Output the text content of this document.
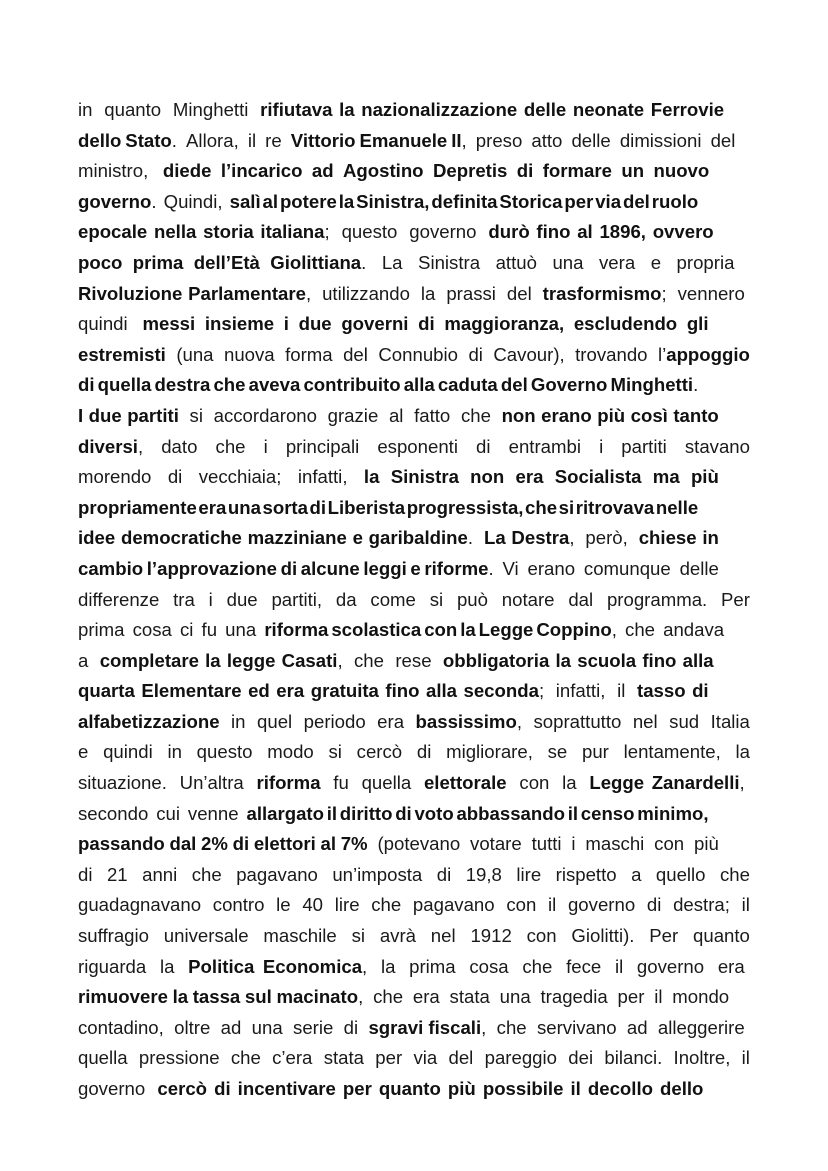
in quanto Minghetti rifiutava la nazionalizzazione delle neonate Ferrovie
dello Stato. Allora, il re Vittorio Emanuele II, preso atto delle dimissioni del
ministro, diede l’incarico ad Agostino Depretis di formare un nuovo
governo. Quindi, salì al potere la Sinistra, definita Storica per via del ruolo
epocale nella storia italiana; questo governo durò fino al 1896, ovvero
poco prima dell’Età Giolittiana. La Sinistra attuò una vera e propria
Rivoluzione Parlamentare, utilizzando la prassi del trasformismo; vennero
quindi messi insieme i due governi di maggioranza, escludendo gli
estremisti (una nuova forma del Connubio di Cavour), trovando l’appoggio
di quella destra che aveva contribuito alla caduta del Governo Minghetti.
I due partiti si accordarono grazie al fatto che non erano più così tanto
diversi, dato che i principali esponenti di entrambi i partiti stavano
morendo di vecchiaia; infatti, la Sinistra non era Socialista ma più
propriamenteeraunasortadiLiberistaprogressista,chesiritrovavanelle
idee democratiche mazziniane e garibaldine. La Destra, però, chiese in
cambio l’approvazione di alcune leggi e riforme. Vi erano comunque delle
differenze tra i due partiti, da come si può notare dal programma. Per
prima cosa ci fu una riforma scolastica con la Legge Coppino, che andava
a completare la legge Casati, che rese obbligatoria la scuola fino alla
quarta Elementare ed era gratuita fino alla seconda; infatti, il tasso di
alfabetizzazione in quel periodo era bassissimo, soprattutto nel sud Italia
e quindi in questo modo si cercò di migliorare, se pur lentamente, la
situazione. Un’altra riforma fu quella elettorale con la Legge Zanardelli,
secondo cui venne allargato il diritto di voto abbassando il censo minimo,
passando dal 2% di elettori al 7% (potevano votare tutti i maschi con più
di 21 anni che pagavano un’imposta di 19,8 lire rispetto a quello che
guadagnavano contro le 40 lire che pagavano con il governo di destra; il
suffragio universale maschile si avrà nel 1912 con Giolitti). Per quanto
riguarda la Politica Economica, la prima cosa che fece il governo era
rimuovere la tassa sul macinato, che era stata una tragedia per il mondo
contadino, oltre ad una serie di sgravi fiscali, che servivano ad alleggerire
quella pressione che c’era stata per via del pareggio dei bilanci. Inoltre, il
governo cercò di incentivare per quanto più possibile il decollo dello
